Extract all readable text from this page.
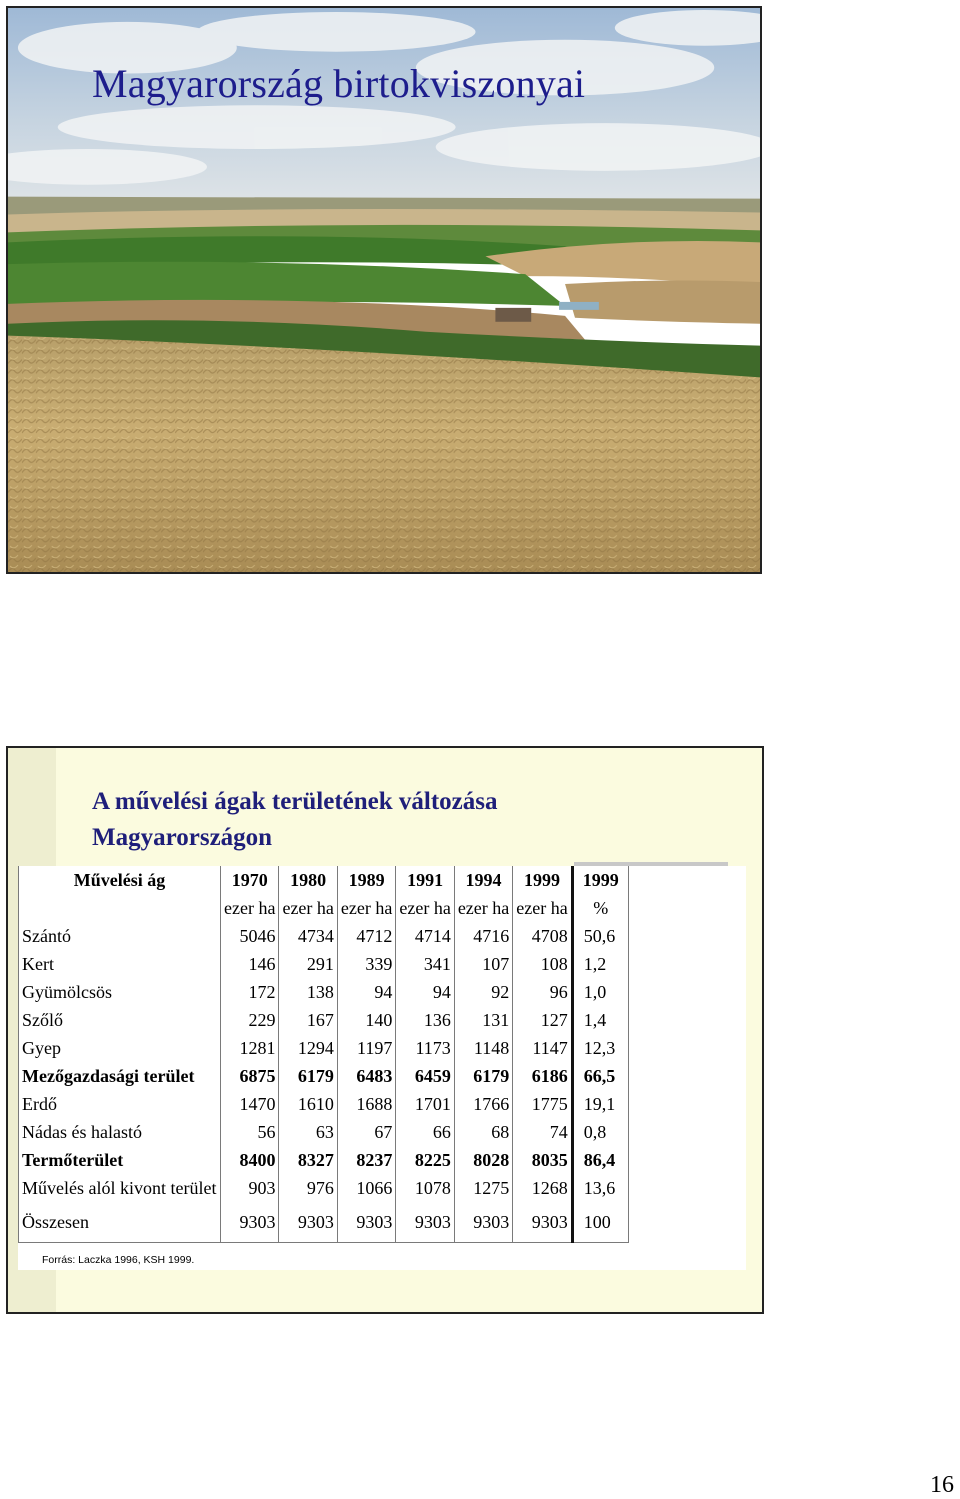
Magyarország birtokviszonyai
A művelési ágak területének változása
Magyarországon
Művelési ág	1970	1980	1989	1991	1994	1999	1999
	ezer ha	ezer ha	ezer ha	ezer ha	ezer ha	ezer ha	%
Szántó	5046	4734	4712	4714	4716	4708	50,6
Kert	146	291	339	341	107	108	1,2
Gyümölcsös	172	138	94	94	92	96	1,0
Szőlő	229	167	140	136	131	127	1,4
Gyep	1281	1294	1197	1173	1148	1147	12,3
Mezőgazdasági terület	6875	6179	6483	6459	6179	6186	66,5
Erdő	1470	1610	1688	1701	1766	1775	19,1
Nádas és halastó	56	63	67	66	68	74	0,8
Termőterület	8400	8327	8237	8225	8028	8035	86,4
Művelés alól kivont terület	903	976	1066	1078	1275	1268	13,6
Összesen	9303	9303	9303	9303	9303	9303	100
Forrás: Laczka 1996, KSH 1999.
16
